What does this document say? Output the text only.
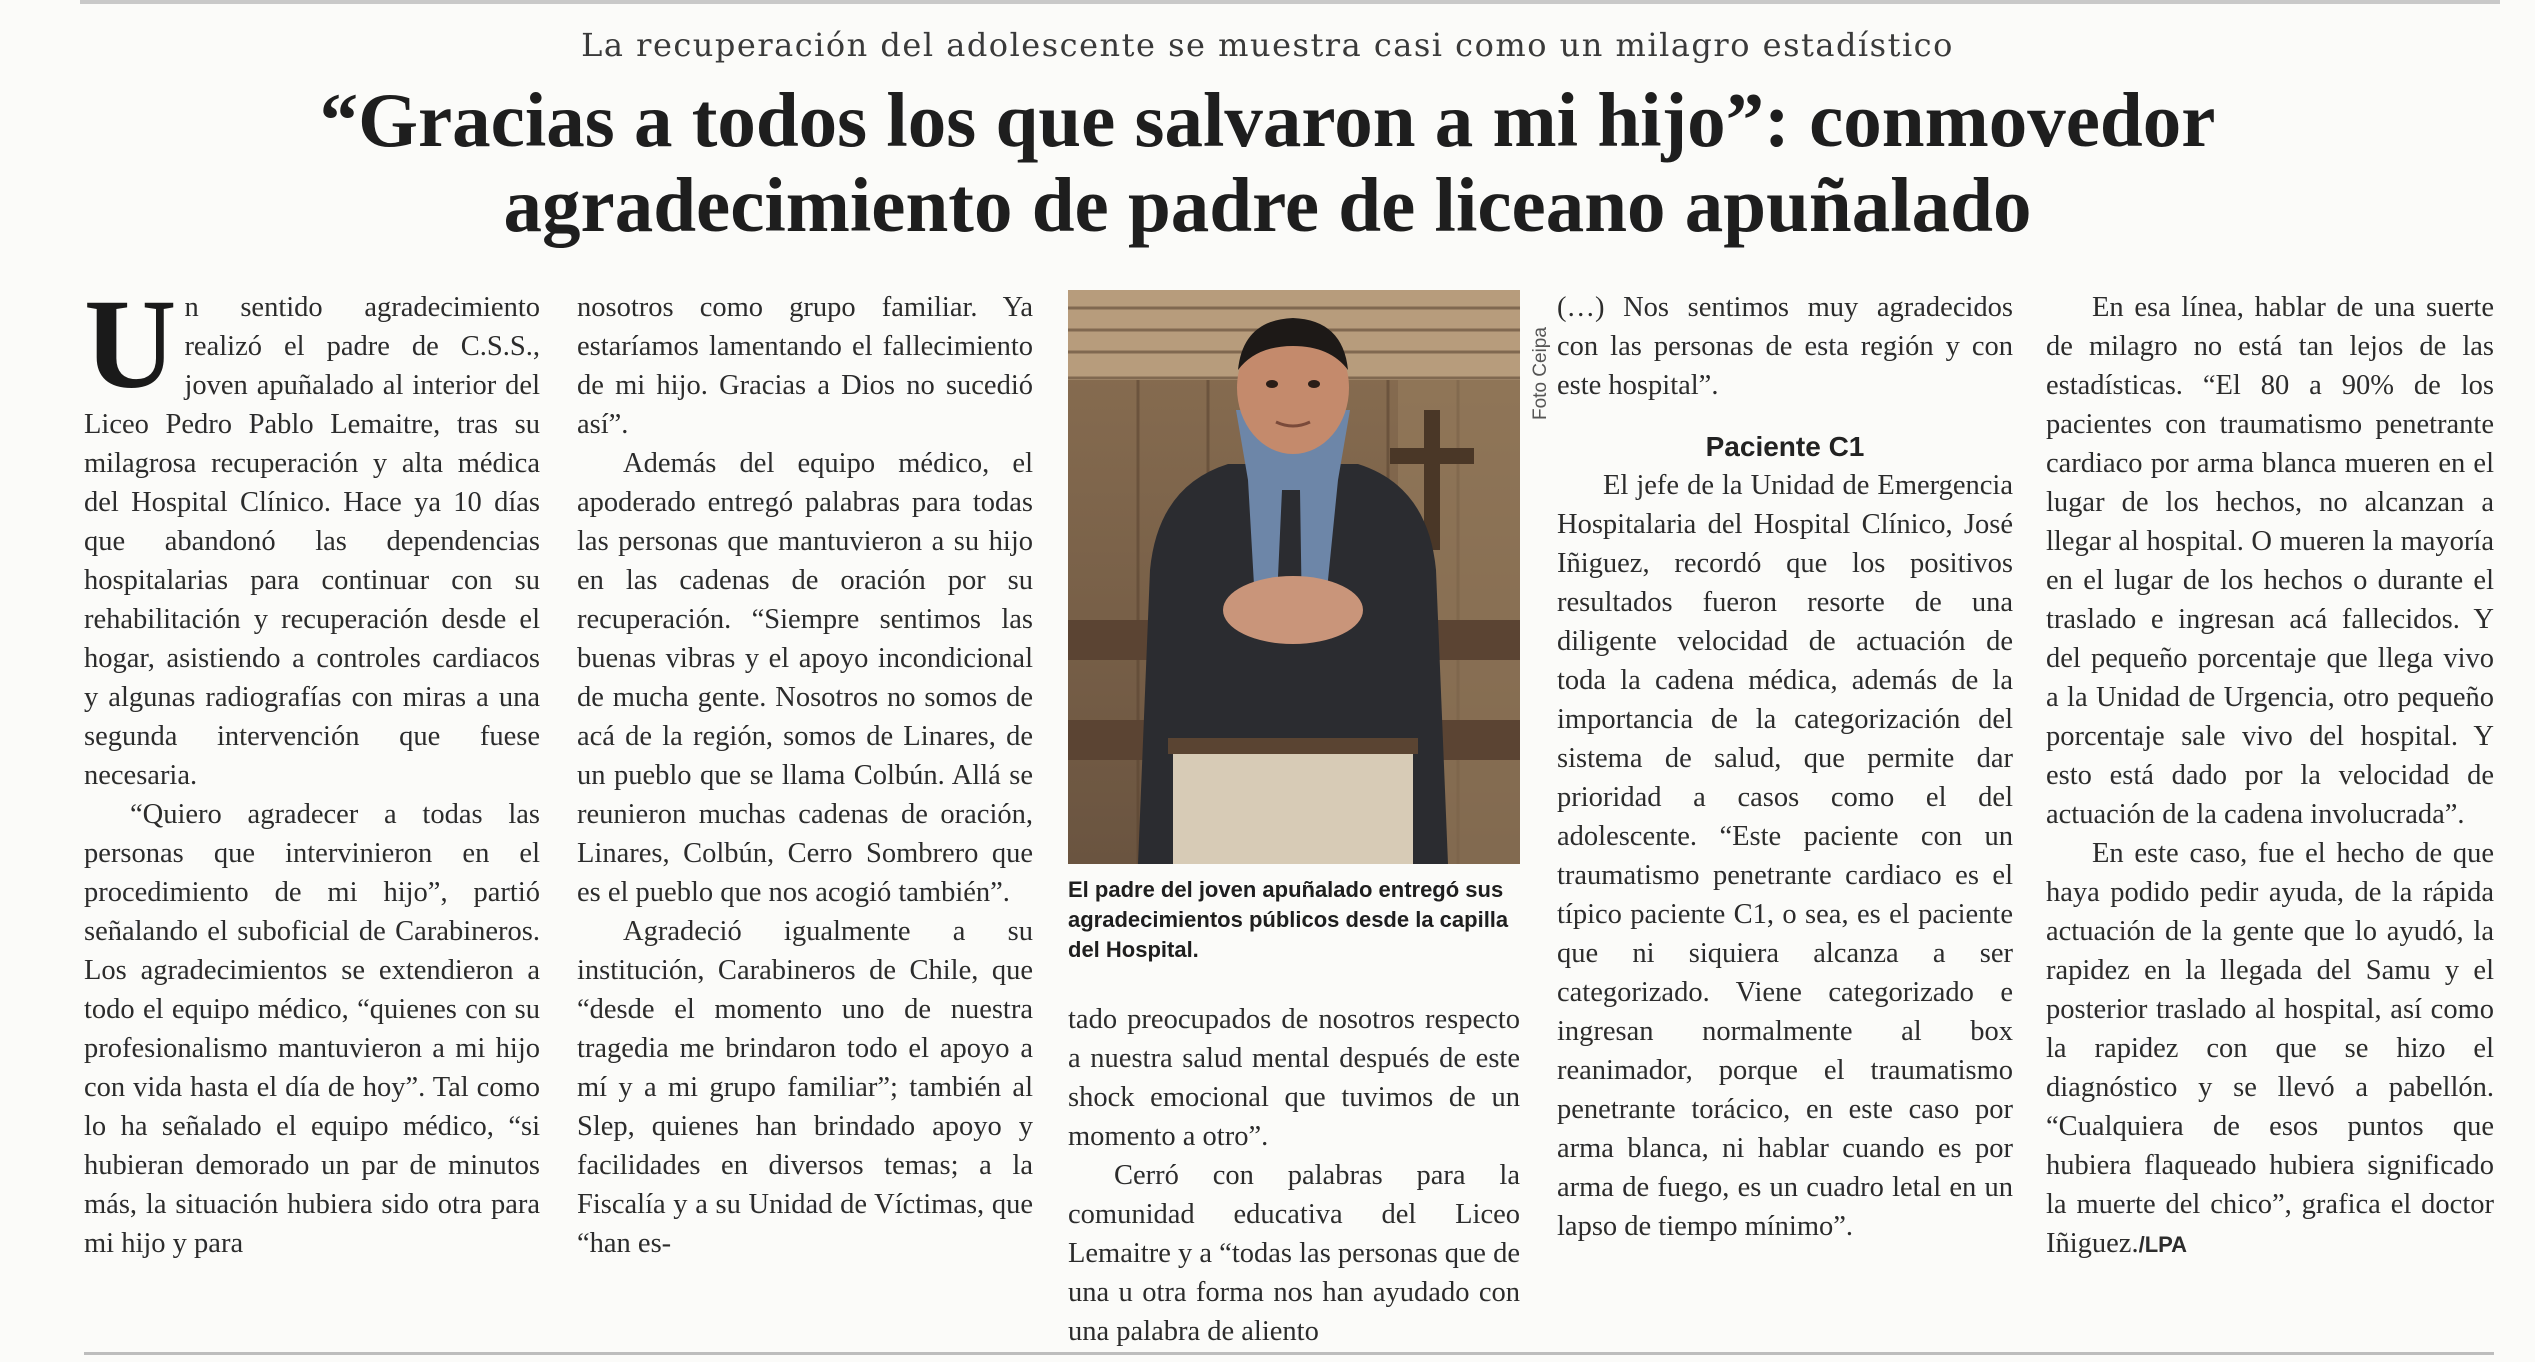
La recuperación del adolescente se muestra casi como un milagro estadístico
“Gracias a todos los que salvaron a mi hijo”: conmovedor
agradecimiento de padre de liceano apuñalado

Un sentido agradecimiento realizó el padre de C.S.S., joven apuñalado al interior del Liceo Pedro Pablo Lemaitre, tras su milagrosa recuperación y alta médica del Hospital Clínico. Hace ya 10 días que abandonó las dependencias hospitalarias para continuar con su rehabilitación y recuperación desde el hogar, asistiendo a controles cardiacos y algunas radiografías con miras a una segunda intervención que fuese necesaria.

“Quiero agradecer a todas las personas que intervinieron en el procedimiento de mi hijo”, partió señalando el suboficial de Carabineros. Los agradecimientos se extendieron a todo el equipo médico, “quienes con su profesionalismo mantuvieron a mi hijo con vida hasta el día de hoy”. Tal como lo ha señalado el equipo médico, “si hubieran demorado un par de minutos más, la situación hubiera sido otra para mi hijo y para

nosotros como grupo familiar. Ya estaríamos lamentando el fallecimiento de mi hijo. Gracias a Dios no sucedió así”.

Además del equipo médico, el apoderado entregó palabras para todas las personas que mantuvieron a su hijo en las cadenas de oración por su recuperación. “Siempre sentimos las buenas vibras y el apoyo incondicional de mucha gente. Nosotros no somos de acá de la región, somos de Linares, de un pueblo que se llama Colbún. Allá se reunieron muchas cadenas de oración, Linares, Colbún, Cerro Sombrero que es el pueblo que nos acogió también”.

Agradeció igualmente a su institución, Carabineros de Chile, que “desde el momento uno de nuestra tragedia me brindaron todo el apoyo a mí y a mi grupo familiar”; también al Slep, quienes han brindado apoyo y facilidades en diversos temas; a la Fiscalía y a su Unidad de Víctimas, que “han es-

Foto Ceipa
El padre del joven apuñalado entregó sus agradecimientos públicos desde la capilla del Hospital.

tado preocupados de nosotros respecto a nuestra salud mental después de este shock emocional que tuvimos de un momento a otro”.

Cerró con palabras para la comunidad educativa del Liceo Lemaitre y a “todas las personas que de una u otra forma nos han ayudado con una palabra de aliento

(…) Nos sentimos muy agradecidos con las personas de esta región y con este hospital”.

Paciente C1

El jefe de la Unidad de Emergencia Hospitalaria del Hospital Clínico, José Iñiguez, recordó que los positivos resultados fueron resorte de una diligente velocidad de actuación de toda la cadena médica, además de la importancia de la categorización del sistema de salud, que permite dar prioridad a casos como el del adolescente. “Este paciente con un traumatismo penetrante cardiaco es el típico paciente C1, o sea, es el paciente que ni siquiera alcanza a ser categorizado. Viene categorizado e ingresan normalmente al box reanimador, porque el traumatismo penetrante torácico, en este caso por arma blanca, ni hablar cuando es por arma de fuego, es un cuadro letal en un lapso de tiempo mínimo”.

En esa línea, hablar de una suerte de milagro no está tan lejos de las estadísticas. “El 80 a 90% de los pacientes con traumatismo penetrante cardiaco por arma blanca mueren en el lugar de los hechos, no alcanzan a llegar al hospital. O mueren la mayoría en el lugar de los hechos o durante el traslado e ingresan acá fallecidos. Y del pequeño porcentaje que llega vivo a la Unidad de Urgencia, otro pequeño porcentaje sale vivo del hospital. Y esto está dado por la velocidad de actuación de la cadena involucrada”.

En este caso, fue el hecho de que haya podido pedir ayuda, de la rápida actuación de la gente que lo ayudó, la rapidez en la llegada del Samu y el posterior traslado al hospital, así como la rapidez con que se hizo el diagnóstico y se llevó a pabellón. “Cualquiera de esos puntos que hubiera flaqueado hubiera significado la muerte del chico”, grafica el doctor Iñiguez./LPA
